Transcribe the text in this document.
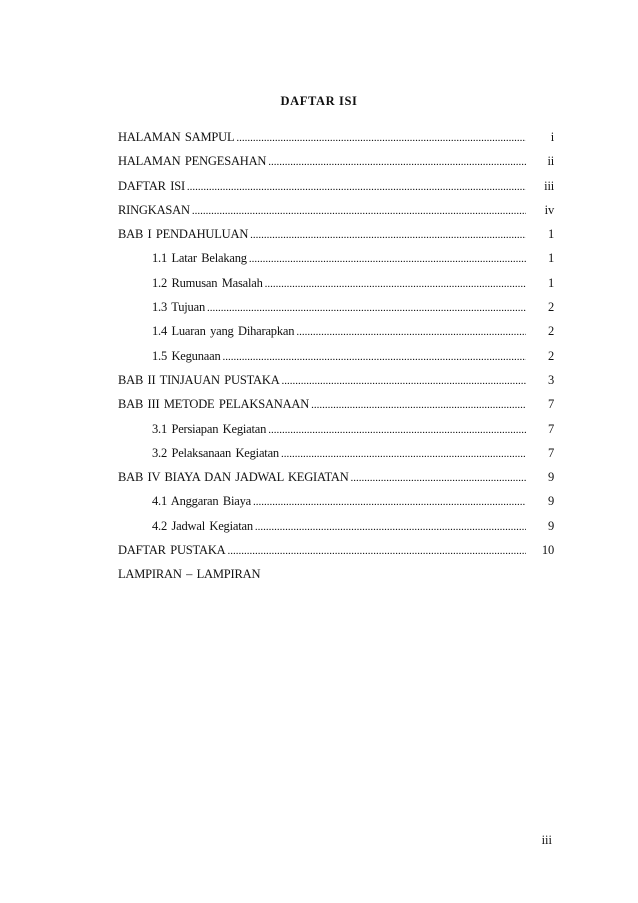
DAFTAR ISI
HALAMAN SAMPUL .....	i
HALAMAN PENGESAHAN .....	ii
DAFTAR ISI .....	iii
RINGKASAN .....	iv
BAB I PENDAHULUAN .....	1
1.1 Latar Belakang .....	1
1.2 Rumusan Masalah .....	1
1.3 Tujuan .....	2
1.4 Luaran yang Diharapkan .....	2
1.5 Kegunaan .....	2
BAB II TINJAUAN PUSTAKA .....	3
BAB III METODE PELAKSANAAN .....	7
3.1 Persiapan Kegiatan .....	7
3.2 Pelaksanaan Kegiatan .....	7
BAB IV BIAYA DAN JADWAL KEGIATAN .....	9
4.1 Anggaran Biaya .....	9
4.2 Jadwal Kegiatan .....	9
DAFTAR PUSTAKA .....	10
LAMPIRAN – LAMPIRAN
iii
